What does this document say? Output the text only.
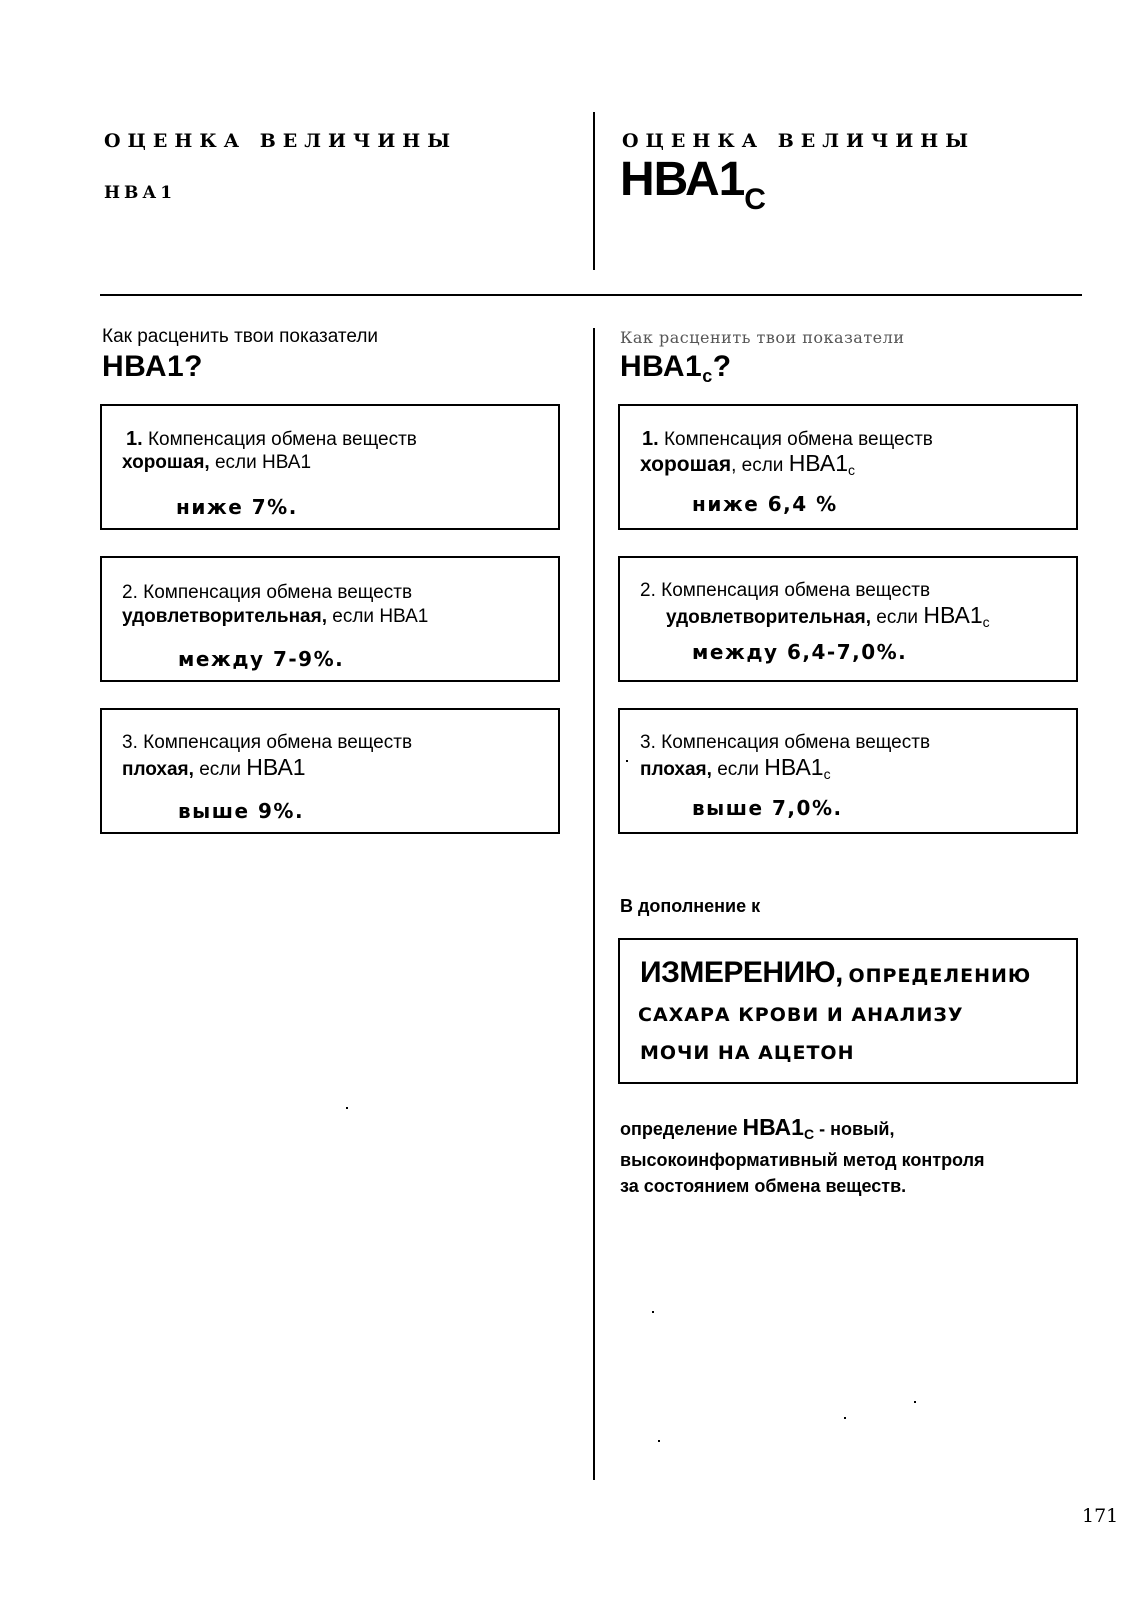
ОЦЕНКА ВЕЛИЧИНЫ
НВА1
ОЦЕНКА ВЕЛИЧИНЫ
$НВА1_С$
Как расценить твои показатели
НВА1?
Как расценить твои показатели
$НВА1_с$?
1. Компенсация обмена веществ
хорошая, если НВА1
ниже 7%.
2. Компенсация обмена веществ
удовлетворительная, если НВА1
между 7-9%.
3. Компенсация обмена веществ
плохая, если НВА1
выше 9%.
1. Компенсация обмена веществ
хорошая, если $НВА1_с$
ниже 6,4 %
2. Компенсация обмена веществ
удовлетворительная, если $НВА1_с$
между 6,4-7,0%.
3. Компенсация обмена веществ
плохая, если $НВА1_с$
выше 7,0%.
В дополнение к
ИЗМЕРЕНИЮ, ОПРЕДЕЛЕНИЮ
САХАРА КРОВИ И АНАЛИЗУ
МОЧИ НА АЦЕТОН
определение $НВА1_С$ - новый,
высокоинформативный метод контроля
за состоянием обмена веществ.
171
